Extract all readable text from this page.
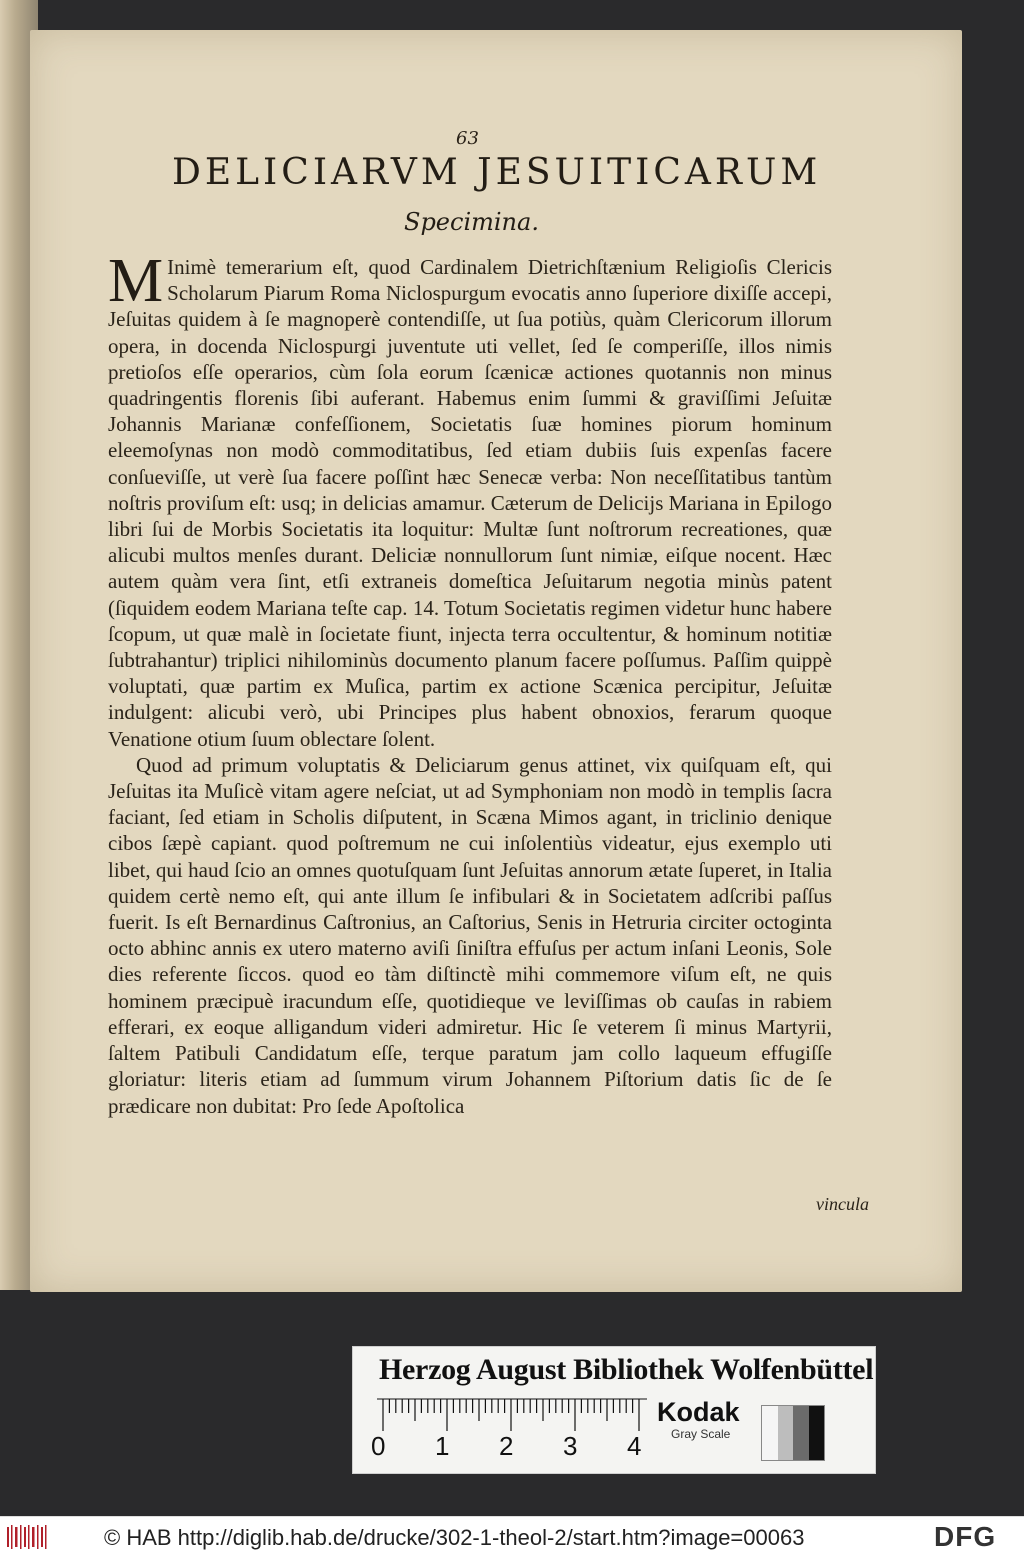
63
DELICIARVM JESUITICARUM
Specimina.

M Inimè temerarium eſt, quod Cardinalem Dietrichſtænium Religioſis Clericis Scholarum Piarum Roma Niclospurgum evocatis anno ſuperiore dixiſſe accepi, Jeſuitas quidem à ſe magnoperè contendiſſe, ut ſua potiùs, quàm Clericorum illorum opera, in docenda Niclospurgi juventute uti vellet, ſed ſe comperiſſe, illos nimis pretioſos eſſe operarios, cùm ſola eorum ſcænicæ actiones quotannis non minus quadringentis florenis ſibi auferant. Habemus enim ſummi & graviſſimi Jeſuitæ Johannis Marianæ confeſſionem, Societatis ſuæ homines piorum hominum eleemoſynas non modò commoditatibus, ſed etiam dubiis ſuis expenſas facere conſueviſſe, ut verè ſua facere poſſint hæc Senecæ verba: Non neceſſitatibus tantùm noſtris proviſum eſt: usq; in delicias amamur. Cæterum de Delicijs Mariana in Epilogo libri ſui de Morbis Societatis ita loquitur: Multæ ſunt noſtrorum recreationes, quæ alicubi multos menſes durant. Deliciæ nonnullorum ſunt nimiæ, eiſque nocent. Hæc autem quàm vera ſint, etſi extraneis domeſtica Jeſuitarum negotia minùs patent (ſiquidem eodem Mariana teſte cap. 14. Totum Societatis regimen videtur hunc habere ſcopum, ut quæ malè in ſocietate fiunt, injecta terra occultentur, & hominum notitiæ ſubtrahantur) triplici nihilominùs documento planum facere poſſumus. Paſſim quippè voluptati, quæ partim ex Muſica, partim ex actione Scænica percipitur, Jeſuitæ indulgent: alicubi verò, ubi Principes plus habent obnoxios, ferarum quoque Venatione otium ſuum oblectare ſolent.

Quod ad primum voluptatis & Deliciarum genus attinet, vix quiſquam eſt, qui Jeſuitas ita Muſicè vitam agere neſciat, ut ad Symphoniam non modò in templis ſacra faciant, ſed etiam in Scholis diſputent, in Scæna Mimos agant, in triclinio denique cibos ſæpè capiant. quod poſtremum ne cui inſolentiùs videatur, ejus exemplo uti libet, qui haud ſcio an omnes quotuſquam ſunt Jeſuitas annorum ætate ſuperet, in Italia quidem certè nemo eſt, qui ante illum ſe infibulari & in Societatem adſcribi paſſus fuerit. Is eſt Bernardinus Caſtronius, an Caſtorius, Senis in Hetruria circiter octoginta octo abhinc annis ex utero materno aviſi ſiniſtra effuſus per actum inſani Leonis, Sole dies referente ſiccos. quod eo tàm diſtinctè mihi commemore viſum eſt, ne quis hominem præcipuè iracundum eſſe, quotidieque ve leviſſimas ob cauſas in rabiem efferari, ex eoque alligandum videri admiretur. Hic ſe veterem ſi minus Martyrii, ſaltem Patibuli Candidatum eſſe, terque paratum jam collo laqueum effugiſſe gloriatur: literis etiam ad ſummum virum Johannem Piſtorium datis ſic de ſe prædicare non dubitat: Pro ſede Apoſtolica

vincula
Herzog August Bibliothek Wolfenbüttel
0 1 2 3 4
Kodak
Gray Scale
© HAB http://diglib.hab.de/drucke/302-1-theol-2/start.htm?image=00063	DFG
